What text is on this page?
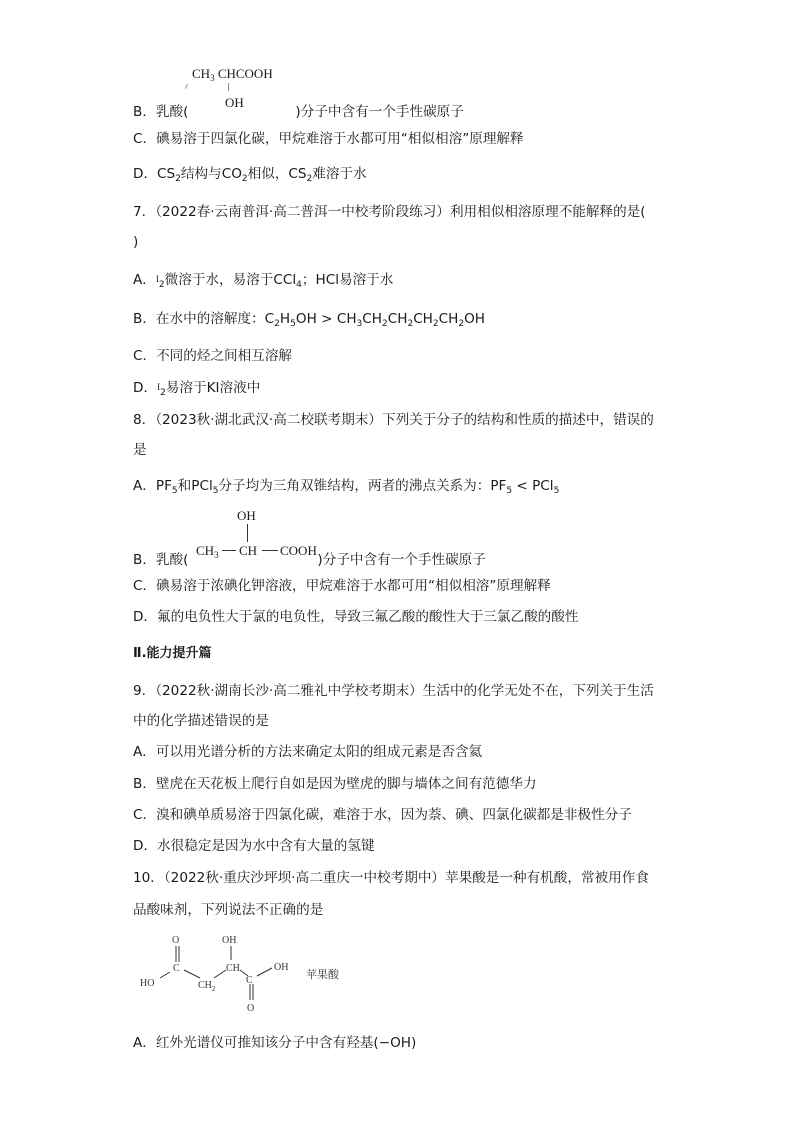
$CH_3$ CHCOOH
OH
B．乳酸(	)分子中含有一个手性碳原子
C．碘易溶于四氯化碳，甲烷难溶于水都可用“相似相溶”原理解释
D．$CS_2$结构与$CO_2$相似，$CS_2$难溶于水
7．（2022春·云南普洱·高二普洱一中校考阶段练习）利用相似相溶原理不能解释的是(
)
A．$I_2$微溶于水，易溶于CCl$_4$；HCl易溶于水
B．在水中的溶解度：$C_2H_5OH > CH_3CH_2CH_2CH_2CH_2OH$
C．不同的烃之间相互溶解
D．$I_2$易溶于KI溶液中
8．（2023秋·湖北武汉·高二校联考期末）下列关于分子的结构和性质的描述中，错误的
是
A．$PF_5$和PCl$_5$分子均为三角双锥结构，两者的沸点关系为：$PF_5 < PCl_5$
OH
$CH_3$ CH COOH
B．乳酸(	)分子中含有一个手性碳原子
C．碘易溶于浓碘化钾溶液，甲烷难溶于水都可用“相似相溶”原理解释
D．氟的电负性大于氯的电负性，导致三氟乙酸的酸性大于三氯乙酸的酸性
Ⅱ.能力提升篇
9．（2022秋·湖南长沙·高二雅礼中学校考期末）生活中的化学无处不在，下列关于生活
中的化学描述错误的是
A．可以用光谱分析的方法来确定太阳的组成元素是否含氦
B．壁虎在天花板上爬行自如是因为壁虎的脚与墙体之间有范德华力
C．溴和碘单质易溶于四氯化碳，难溶于水，因为萘、碘、四氯化碳都是非极性分子
D．水很稳定是因为水中含有大量的氢键
10．（2022秋·重庆沙坪坝·高二重庆一中校考期中）苹果酸是一种有机酸，常被用作食
品酸味剂，下列说法不正确的是
O
C
OH
HO	$CH_2$
CH
C
OH
O
苹果酸
A．红外光谱仪可推知该分子中含有羟基(−OH)
